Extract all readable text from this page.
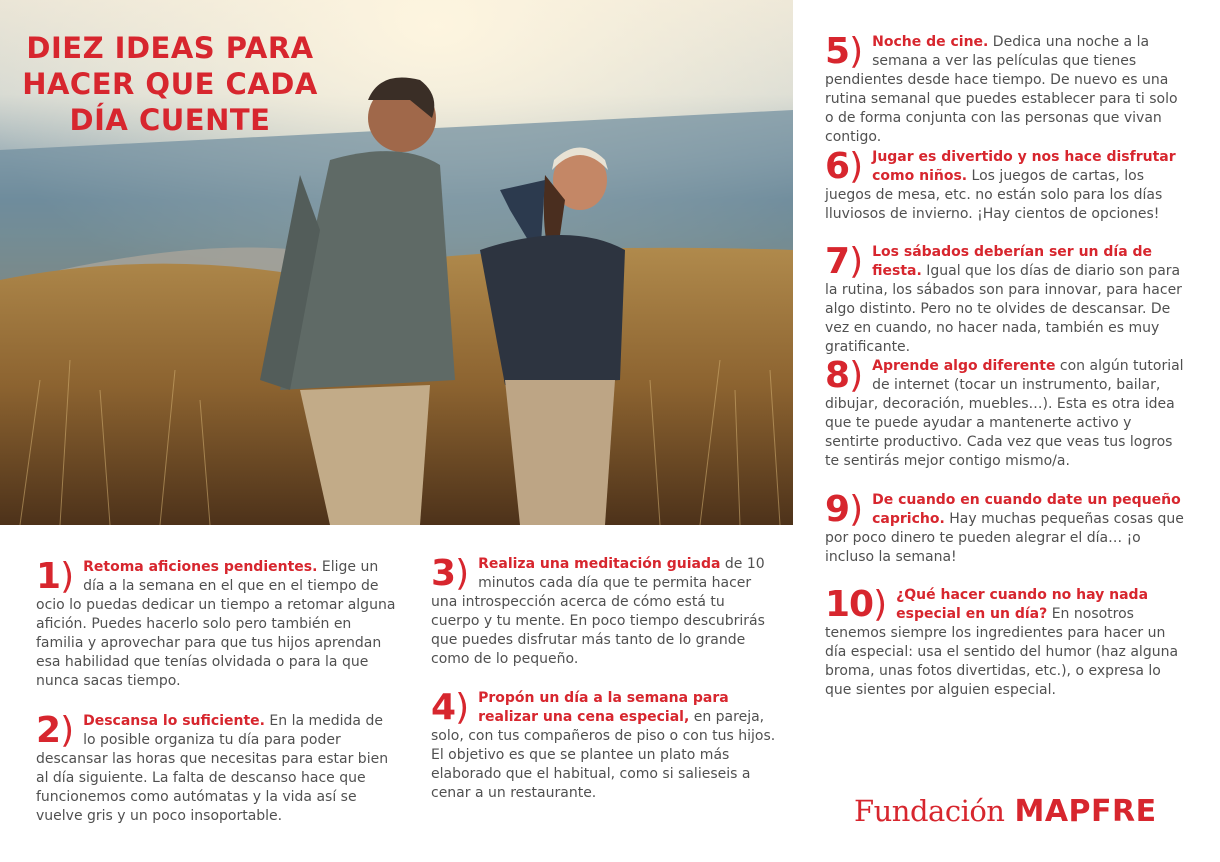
DIEZ IDEAS PARA HACER QUE CADA DÍA CUENTE
1) Retoma aficiones pendientes. Elige un día a la semana en el que en el tiempo de ocio lo puedas dedicar un tiempo a retomar alguna afición. Puedes hacerlo solo pero también en familia y aprovechar para que tus hijos aprendan esa habilidad que tenías olvidada o para la que nunca sacas tiempo.
2) Descansa lo suficiente. En la medida de lo posible organiza tu día para poder descansar las horas que necesitas para estar bien al día siguiente. La falta de descanso hace que funcionemos como autómatas y la vida así se vuelve gris y un poco insoportable.
3) Realiza una meditación guiada de 10 minutos cada día que te permita hacer una introspección acerca de cómo está tu cuerpo y tu mente. En poco tiempo descubrirás que puedes disfrutar más tanto de lo grande como de lo pequeño.
4) Propón un día a la semana para realizar una cena especial, en pareja, solo, con tus compañeros de piso o con tus hijos. El objetivo es que se plantee un plato más elaborado que el habitual, como si salieseis a cenar a un restaurante.
5) Noche de cine. Dedica una noche a la semana a ver las películas que tienes pendientes desde hace tiempo. De nuevo es una rutina semanal que puedes establecer para ti solo o de forma conjunta con las personas que vivan contigo.
6) Jugar es divertido y nos hace disfrutar como niños. Los juegos de cartas, los juegos de mesa, etc. no están solo para los días lluviosos de invierno. ¡Hay cientos de opciones!
7) Los sábados deberían ser un día de fiesta. Igual que los días de diario son para la rutina, los sábados son para innovar, para hacer algo distinto. Pero no te olvides de descansar. De vez en cuando, no hacer nada, también es muy gratificante.
8) Aprende algo diferente con algún tutorial de internet (tocar un instrumento, bailar, dibujar, decoración, muebles…). Esta es otra idea que te puede ayudar a mantenerte activo y sentirte productivo. Cada vez que veas tus logros te sentirás mejor contigo mismo/a.
9) De cuando en cuando date un pequeño capricho. Hay muchas pequeñas cosas que por poco dinero te pueden alegrar el día… ¡o incluso la semana!
10) ¿Qué hacer cuando no hay nada especial en un día? En nosotros tenemos siempre los ingredientes para hacer un día especial: usa el sentido del humor (haz alguna broma, unas fotos divertidas, etc.), o expresa lo que sientes por alguien especial.
Fundación MAPFRE
